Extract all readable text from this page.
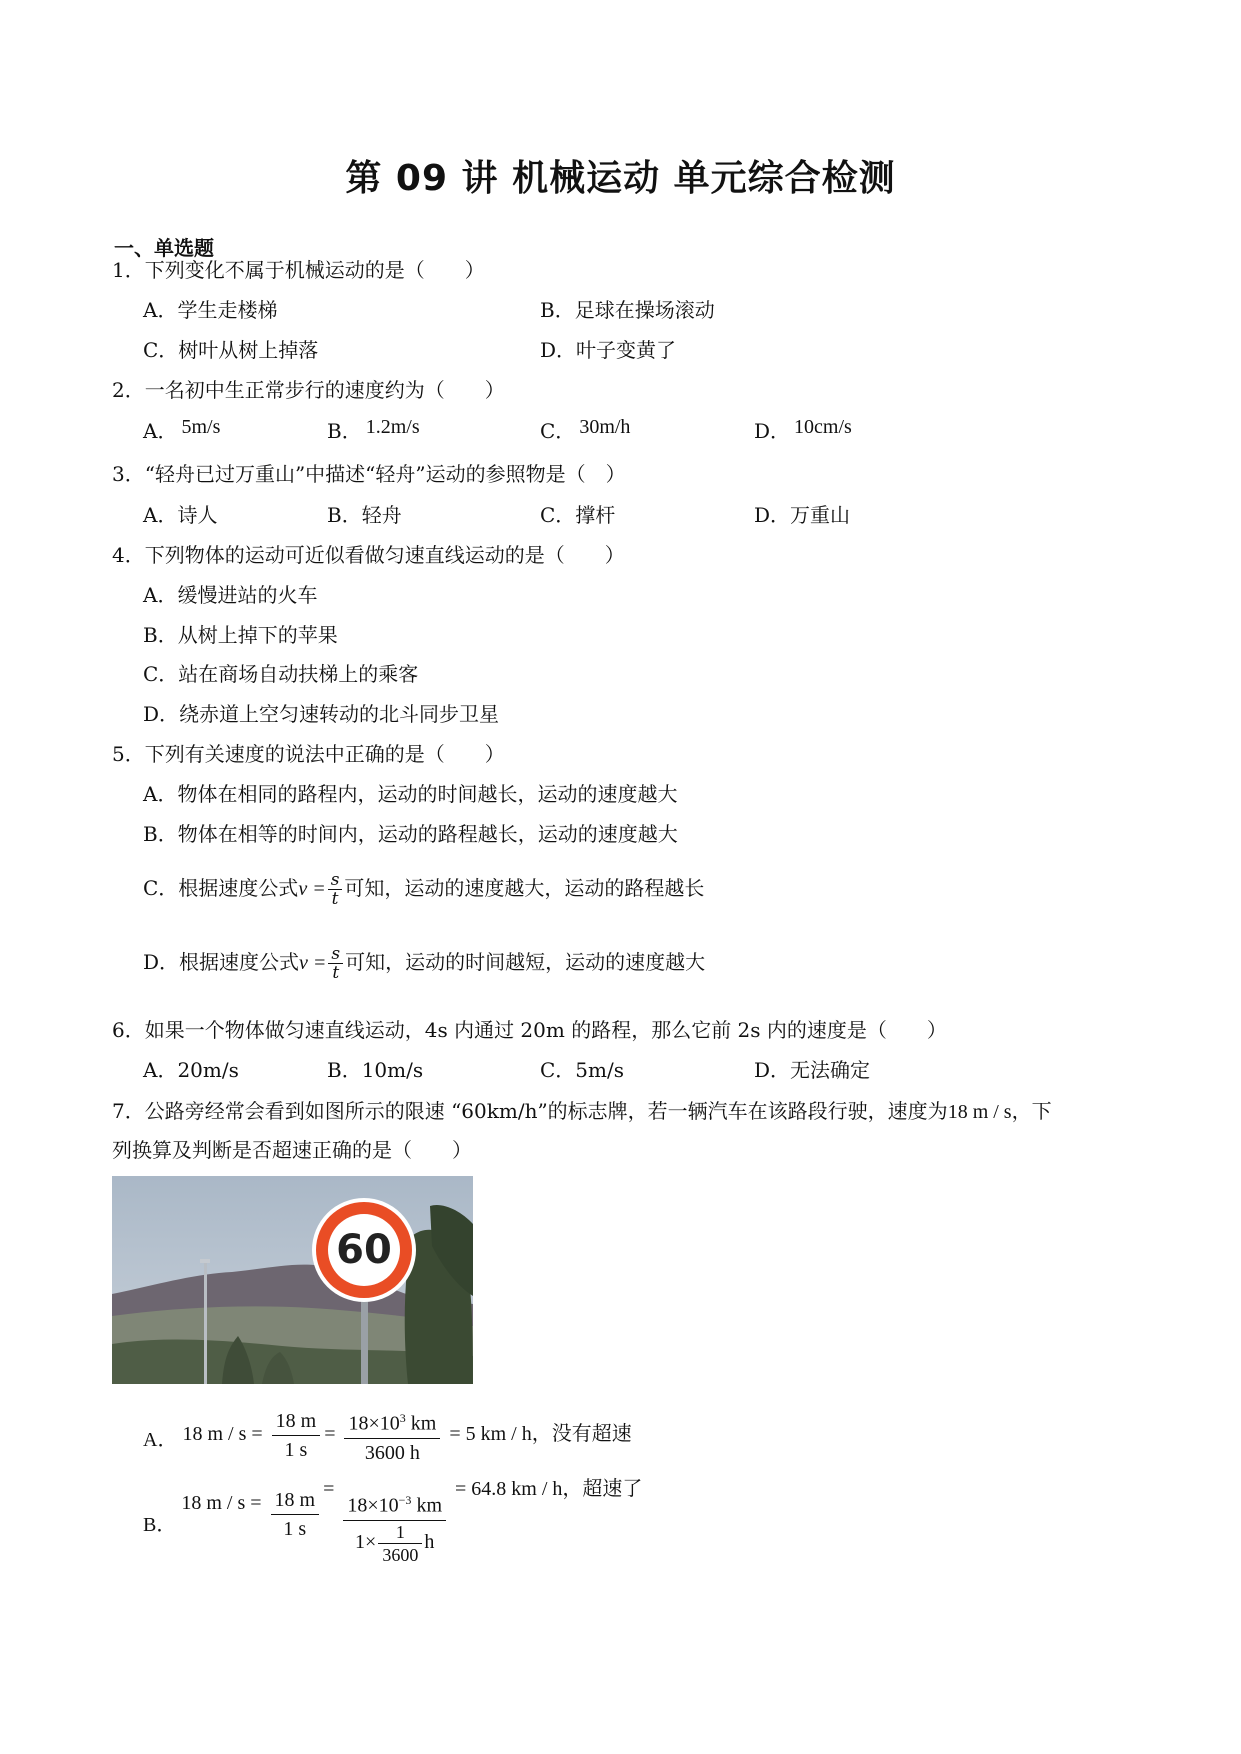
第 09 讲 机械运动 单元综合检测
一、单选题
1．下列变化不属于机械运动的是（　　）
A．学生走楼梯	B．足球在操场滚动
C．树叶从树上掉落	D．叶子变黄了
2．一名初中生正常步行的速度约为（　　）
A． 5m/s	B． 1.2m/s	C． 30m/h	D． 10cm/s
3．“轻舟已过万重山”中描述“轻舟”运动的参照物是（　）
A．诗人	B．轻舟	C．撑杆	D．万重山
4．下列物体的运动可近似看做匀速直线运动的是（　　）
A．缓慢进站的火车
B．从树上掉下的苹果
C．站在商场自动扶梯上的乘客
D．绕赤道上空匀速转动的北斗同步卫星
5．下列有关速度的说法中正确的是（　　）
A．物体在相同的路程内，运动的时间越长，运动的速度越大
B．物体在相等的时间内，运动的路程越长，运动的速度越大
C．根据速度公式$v = \frac{s}{t}$ 可知，运动的速度越大，运动的路程越长
D．根据速度公式$v = \frac{s}{t}$ 可知，运动的时间越短，运动的速度越大
6．如果一个物体做匀速直线运动，4s 内通过 20m 的路程，那么它前 2s 内的速度是（　　）
A．20m/s	B．10m/s	C．5m/s	D．无法确定
7．公路旁经常会看到如图所示的限速 “60km/h”的标志牌，若一辆汽车在该路段行驶，速度为18 m / s，下
列换算及判断是否超速正确的是（　　）
60
A． 18 $m / s = \frac{18 m}{1 s} = \frac{18\times 10^3 km}{3600 h} = 5$ km / h，没有超速
B． 18 $m / s = \frac{18 m}{1 s} = \frac{18\times 10^{-3} km}{1\times \frac{1}{3600} h} = 64.8$ km / h，超速了
